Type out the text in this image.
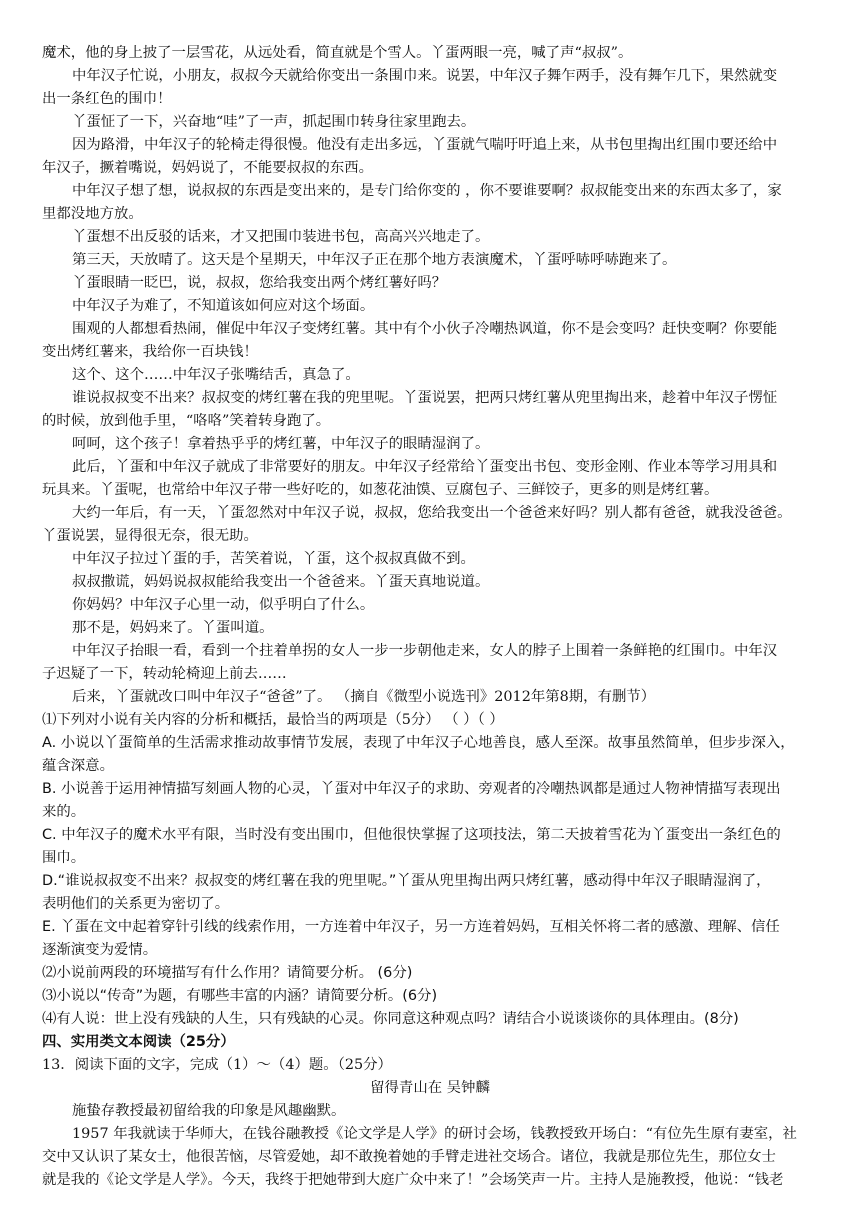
魔术，他的身上披了一层雪花，从远处看，简直就是个雪人。丫蛋两眼一亮，喊了声“叔叔”。
中年汉子忙说，小朋友，叔叔今天就给你变出一条围巾来。说罢，中年汉子舞乍两手，没有舞乍几下，果然就变
出一条红色的围巾！
丫蛋怔了一下，兴奋地“哇”了一声，抓起围巾转身往家里跑去。
因为路滑，中年汉子的轮椅走得很慢。他没有走出多远，丫蛋就气喘吁吁追上来，从书包里掏出红围巾要还给中
年汉子，撅着嘴说，妈妈说了，不能要叔叔的东西。
中年汉子想了想，说叔叔的东西是变出来的，是专门给你变的 ，你不要谁要啊？叔叔能变出来的东西太多了，家
里都没地方放。
丫蛋想不出反驳的话来，才又把围巾装进书包，高高兴兴地走了。
第三天，天放晴了。这天是个星期天，中年汉子正在那个地方表演魔术，丫蛋呼哧呼哧跑来了。
丫蛋眼睛一眨巴，说，叔叔，您给我变出两个烤红薯好吗？
中年汉子为难了，不知道该如何应对这个场面。
围观的人都想看热闹，催促中年汉子变烤红薯。其中有个小伙子冷嘲热讽道，你不是会变吗？赶快变啊？你要能
变出烤红薯来，我给你一百块钱！
这个、这个……中年汉子张嘴结舌，真急了。
谁说叔叔变不出来？叔叔变的烤红薯在我的兜里呢。丫蛋说罢，把两只烤红薯从兜里掏出来，趁着中年汉子愣怔
的时候，放到他手里，“咯咯”笑着转身跑了。
呵呵，这个孩子！拿着热乎乎的烤红薯，中年汉子的眼睛湿润了。
此后，丫蛋和中年汉子就成了非常要好的朋友。中年汉子经常给丫蛋变出书包、变形金刚、作业本等学习用具和
玩具来。丫蛋呢，也常给中年汉子带一些好吃的，如葱花油馍、豆腐包子、三鲜饺子，更多的则是烤红薯。
大约一年后，有一天，丫蛋忽然对中年汉子说，叔叔，您给我变出一个爸爸来好吗？别人都有爸爸，就我没爸爸。
丫蛋说罢，显得很无奈，很无助。
中年汉子拉过丫蛋的手，苦笑着说，丫蛋，这个叔叔真做不到。
叔叔撒谎，妈妈说叔叔能给我变出一个爸爸来。丫蛋天真地说道。
你妈妈？中年汉子心里一动，似乎明白了什么。
那不是，妈妈来了。丫蛋叫道。
中年汉子抬眼一看，看到一个拄着单拐的女人一步一步朝他走来，女人的脖子上围着一条鲜艳的红围巾。中年汉
子迟疑了一下，转动轮椅迎上前去……
后来，丫蛋就改口叫中年汉子“爸爸”了。 （摘自《微型小说选刊》2012年第8期，有删节）
⑴下列对小说有关内容的分析和概括，最恰当的两项是（5分） （ ）（ ）
A. 小说以丫蛋简单的生活需求推动故事情节发展，表现了中年汉子心地善良，感人至深。故事虽然简单，但步步深入，
蕴含深意。
B. 小说善于运用神情描写刻画人物的心灵，丫蛋对中年汉子的求助、旁观者的冷嘲热讽都是通过人物神情描写表现出
来的。
C. 中年汉子的魔术水平有限，当时没有变出围巾，但他很快掌握了这项技法，第二天披着雪花为丫蛋变出一条红色的
围巾。
D.“谁说叔叔变不出来？叔叔变的烤红薯在我的兜里呢。”丫蛋从兜里掏出两只烤红薯，感动得中年汉子眼睛湿润了，
表明他们的关系更为密切了。
E. 丫蛋在文中起着穿针引线的线索作用，一方连着中年汉子，另一方连着妈妈，互相关怀将二者的感激、理解、信任
逐渐演变为爱情。
⑵小说前两段的环境描写有什么作用？请简要分析。 (6分)
⑶小说以“传奇”为题，有哪些丰富的内涵？请简要分析。(6分)
⑷有人说：世上没有残缺的人生，只有残缺的心灵。你同意这种观点吗？请结合小说谈谈你的具体理由。(8分)
四、实用类文本阅读（25分）
13．阅读下面的文字，完成（1）～（4）题。（25分）
留得青山在 吴钟麟
施蛰存教授最初留给我的印象是风趣幽默。
1957 年我就读于华师大，在钱谷融教授《论文学是人学》的研讨会场，钱教授致开场白：“有位先生原有妻室，社
交中又认识了某女士，他很苦恼，尽管爱她，却不敢挽着她的手臂走进社交场合。诸位，我就是那位先生，那位女士
就是我的《论文学是人学》。今天，我终于把她带到大庭广众中来了！”会场笑声一片。主持人是施教授，他说：“钱老
